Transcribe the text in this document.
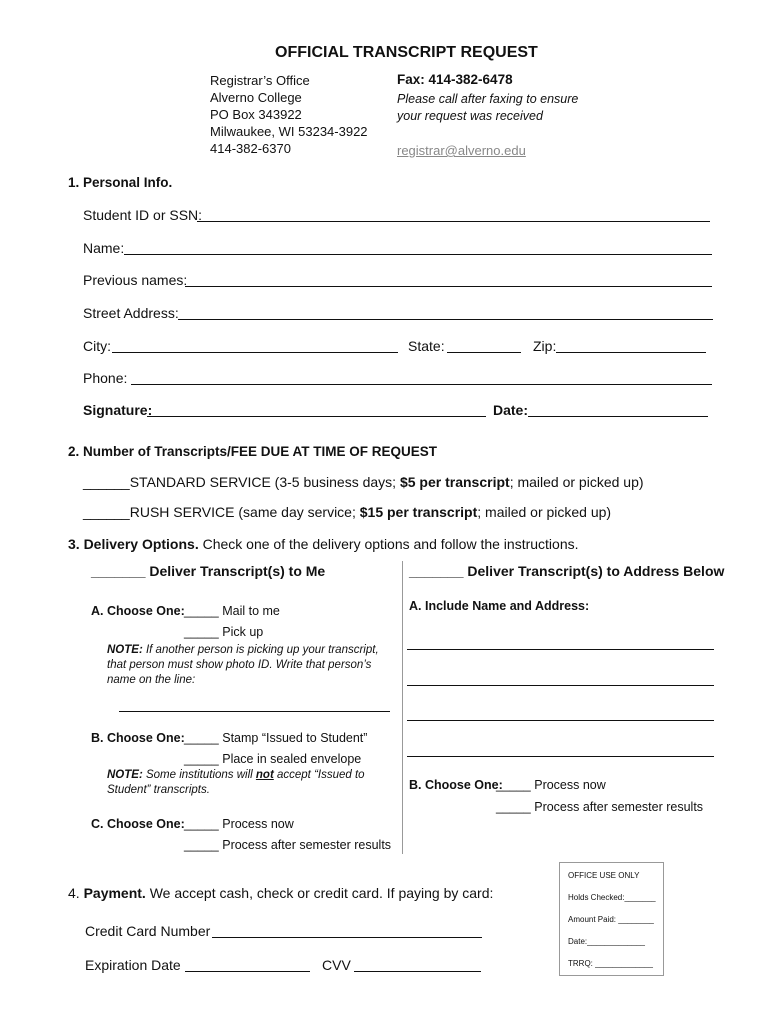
OFFICIAL TRANSCRIPT REQUEST
Registrar’s Office
Alverno College
PO Box 343922
Milwaukee, WI 53234-3922
414-382-6370
Fax: 414-382-6478
Please call after faxing to ensure
your request was received
registrar@alverno.edu
1. Personal Info.
Student ID or SSN:
Name:
Previous names:
Street Address:
City:	State:	Zip:
Phone:
Signature:	Date:
2. Number of Transcripts/FEE DUE AT TIME OF REQUEST
______STANDARD SERVICE (3-5 business days; $5 per transcript; mailed or picked up)
______RUSH SERVICE (same day service; $15 per transcript; mailed or picked up)
3. Delivery Options. Check one of the delivery options and follow the instructions.
_______ Deliver Transcript(s) to Me
A. Choose One: _____ Mail to me
_____ Pick up
NOTE: If another person is picking up your transcript, that person must show photo ID. Write that person’s name on the line:
B. Choose One: _____ Stamp “Issued to Student”
_____ Place in sealed envelope
NOTE: Some institutions will not accept “Issued to Student” transcripts.
C. Choose One: _____ Process now
_____ Process after semester results
_______ Deliver Transcript(s) to Address Below
A. Include Name and Address:
B. Choose One:
_____ Process now
_____ Process after semester results
4. Payment. We accept cash, check or credit card. If paying by card:
Credit Card Number
Expiration Date	CVV
OFFICE USE ONLY
Holds Checked:_______
Amount Paid: ________
Date:_____________
TRRQ: _____________
